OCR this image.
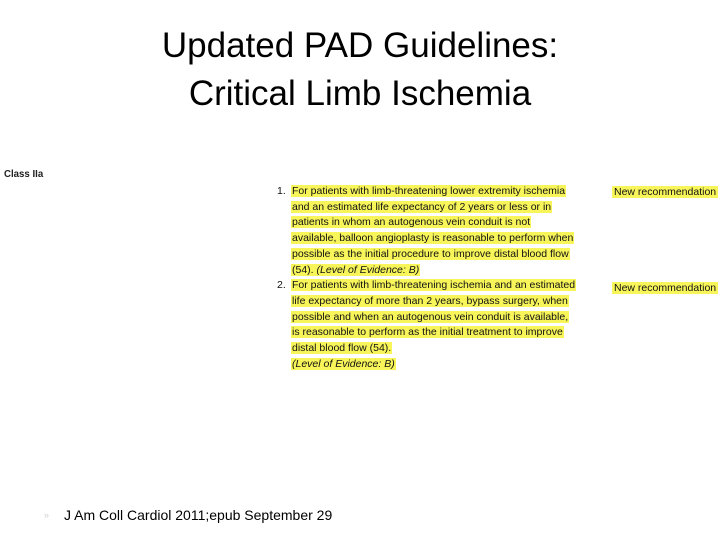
Updated PAD Guidelines:
Critical Limb Ischemia
Class IIa
1. For patients with limb-threatening lower extremity ischemia and an estimated life expectancy of 2 years or less or in patients in whom an autogenous vein conduit is not available, balloon angioplasty is reasonable to perform when possible as the initial procedure to improve distal blood flow (54). (Level of Evidence: B)
2. For patients with limb-threatening ischemia and an estimated life expectancy of more than 2 years, bypass surgery, when possible and when an autogenous vein conduit is available, is reasonable to perform as the initial treatment to improve distal blood flow (54).
(Level of Evidence: B)
New recommendation
New recommendation
» J Am Coll Cardiol 2011;epub September 29
